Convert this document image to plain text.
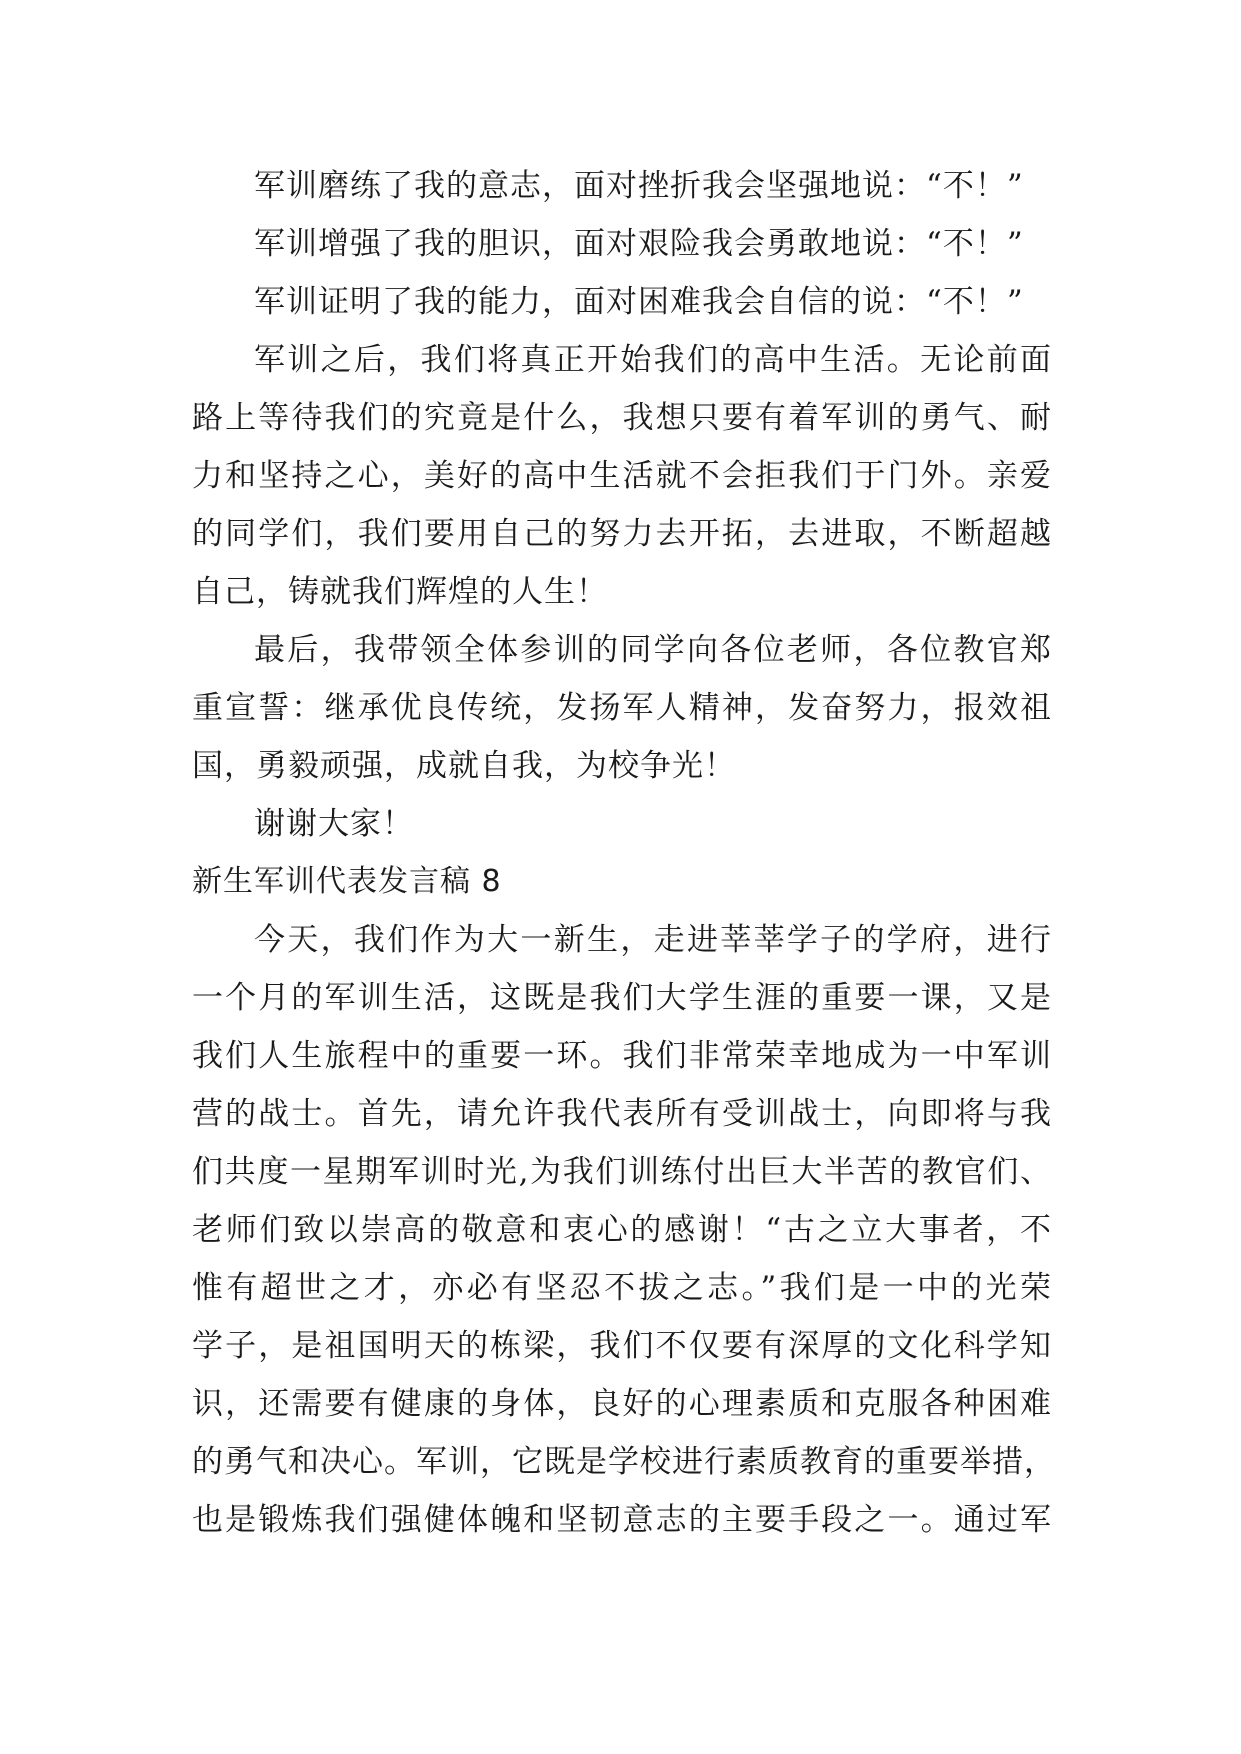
军训磨练了我的意志，面对挫折我会坚强地说：“不！”
军训增强了我的胆识，面对艰险我会勇敢地说：“不！”
军训证明了我的能力，面对困难我会自信的说：“不！”
军训之后，我们将真正开始我们的高中生活。无论前面
路上等待我们的究竟是什么，我想只要有着军训的勇气、耐
力和坚持之心，美好的高中生活就不会拒我们于门外。亲爱
的同学们，我们要用自己的努力去开拓，去进取，不断超越
自己，铸就我们辉煌的人生！
最后，我带领全体参训的同学向各位老师，各位教官郑
重宣誓：继承优良传统，发扬军人精神，发奋努力，报效祖
国，勇毅顽强，成就自我，为校争光！
谢谢大家！
新生军训代表发言稿 8
今天，我们作为大一新生，走进莘莘学子的学府，进行
一个月的军训生活，这既是我们大学生涯的重要一课，又是
我们人生旅程中的重要一环。我们非常荣幸地成为一中军训
营的战士。首先，请允许我代表所有受训战士，向即将与我
们共度一星期军训时光,为我们训练付出巨大半苦的教官们、
老师们致以崇高的敬意和衷心的感谢！“古之立大事者，不
惟有超世之才，亦必有坚忍不拔之志。”我们是一中的光荣
学子，是祖国明天的栋梁，我们不仅要有深厚的文化科学知
识，还需要有健康的身体，良好的心理素质和克服各种困难
的勇气和决心。军训，它既是学校进行素质教育的重要举措，
也是锻炼我们强健体魄和坚韧意志的主要手段之一。通过军
